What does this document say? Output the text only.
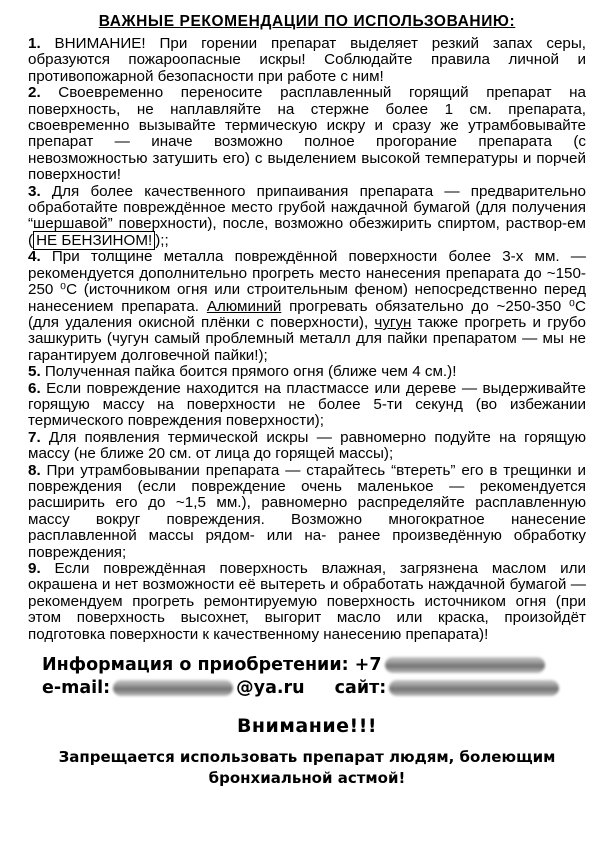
ВАЖНЫЕ РЕКОМЕНДАЦИИ ПО ИСПОЛЬЗОВАНИЮ:

1. ВНИМАНИЕ! При горении препарат выделяет резкий запах серы, образуются пожароопасные искры! Соблюдайте правила личной и противопожарной безопасности при работе с ним!

2. Своевременно переносите расплавленный горящий препарат на поверхность, не наплавляйте на стержне более 1 см. препарата, своевременно вызывайте термическую искру и сразу же утрамбовывайте препарат — иначе возможно полное прогорание препарата (с невозможностью затушить его) с выделением высокой температуры и порчей поверхности!

3. Для более качественного припаивания препарата — предварительно обработайте повреждённое место грубой наждачной бумагой (для получения “шершавой” поверхности), после, возможно обезжирить спиртом, раствор-ем ( НЕ БЕНЗИНОМ! );;

4. При толщине металла повреждённой поверхности более 3-х мм. — рекомендуется дополнительно прогреть место нанесения препарата до ~150-250 ⁰С (источником огня или строительным феном) непосредственно перед нанесением препарата. Алюминий прогревать обязательно до ~250-350 ⁰С (для удаления окисной плёнки с поверхности), чугун также прогреть и грубо зашкурить (чугун самый проблемный металл для пайки препаратом — мы не гарантируем долговечной пайки!);

5. Полученная пайка боится прямого огня (ближе чем 4 см.)!

6. Если повреждение находится на пластмассе или дереве — выдерживайте горящую массу на поверхности не более 5-ти секунд (во избежании термического повреждения поверхности);

7. Для появления термической искры — равномерно подуйте на горящую массу (не ближе 20 см. от лица до горящей массы);

8. При утрамбовывании препарата — старайтесь “втереть” его в трещинки и повреждения (если повреждение очень маленькое — рекомендуется расширить его до ~1,5 мм.), равномерно распределяйте расплавленную массу вокруг повреждения. Возможно многократное нанесение расплавленной массы рядом- или на- ранее произведённую обработку повреждения;

9. Если повреждённая поверхность влажная, загрязнена маслом или окрашена и нет возможности её вытереть и обработать наждачной бумагой — рекомендуем прогреть ремонтируемую поверхность источником огня (при этом поверхность высохнет, выгорит масло или краска, произойдёт подготовка поверхности к качественному нанесению препарата)!

Информация о приобретении: +7
e-mail:	@ya.ru сайт:
Внимание!!!
Запрещается использовать препарат людям, болеющим бронхиальной астмой!
